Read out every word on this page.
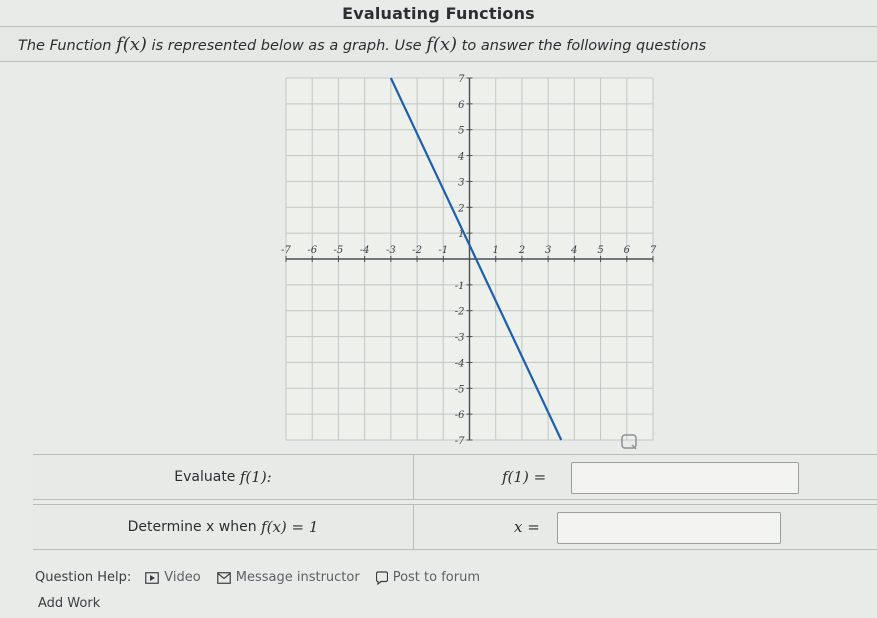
Evaluating Functions
The Function f(x) is represented below as a graph. Use f(x) to answer the following questions
-7 -6 -5 -4 -3 -2 -1	1 2 3 4 5 6 7
7
6
5
4
3
2
1
-1
-2
-3
-4
-5
-6
-7
Evaluate
f(1):	f(1) =
Determine x when
f(x) = 1	x =
Question Help:	Video	Message instructor	Post to forum
Add Work
